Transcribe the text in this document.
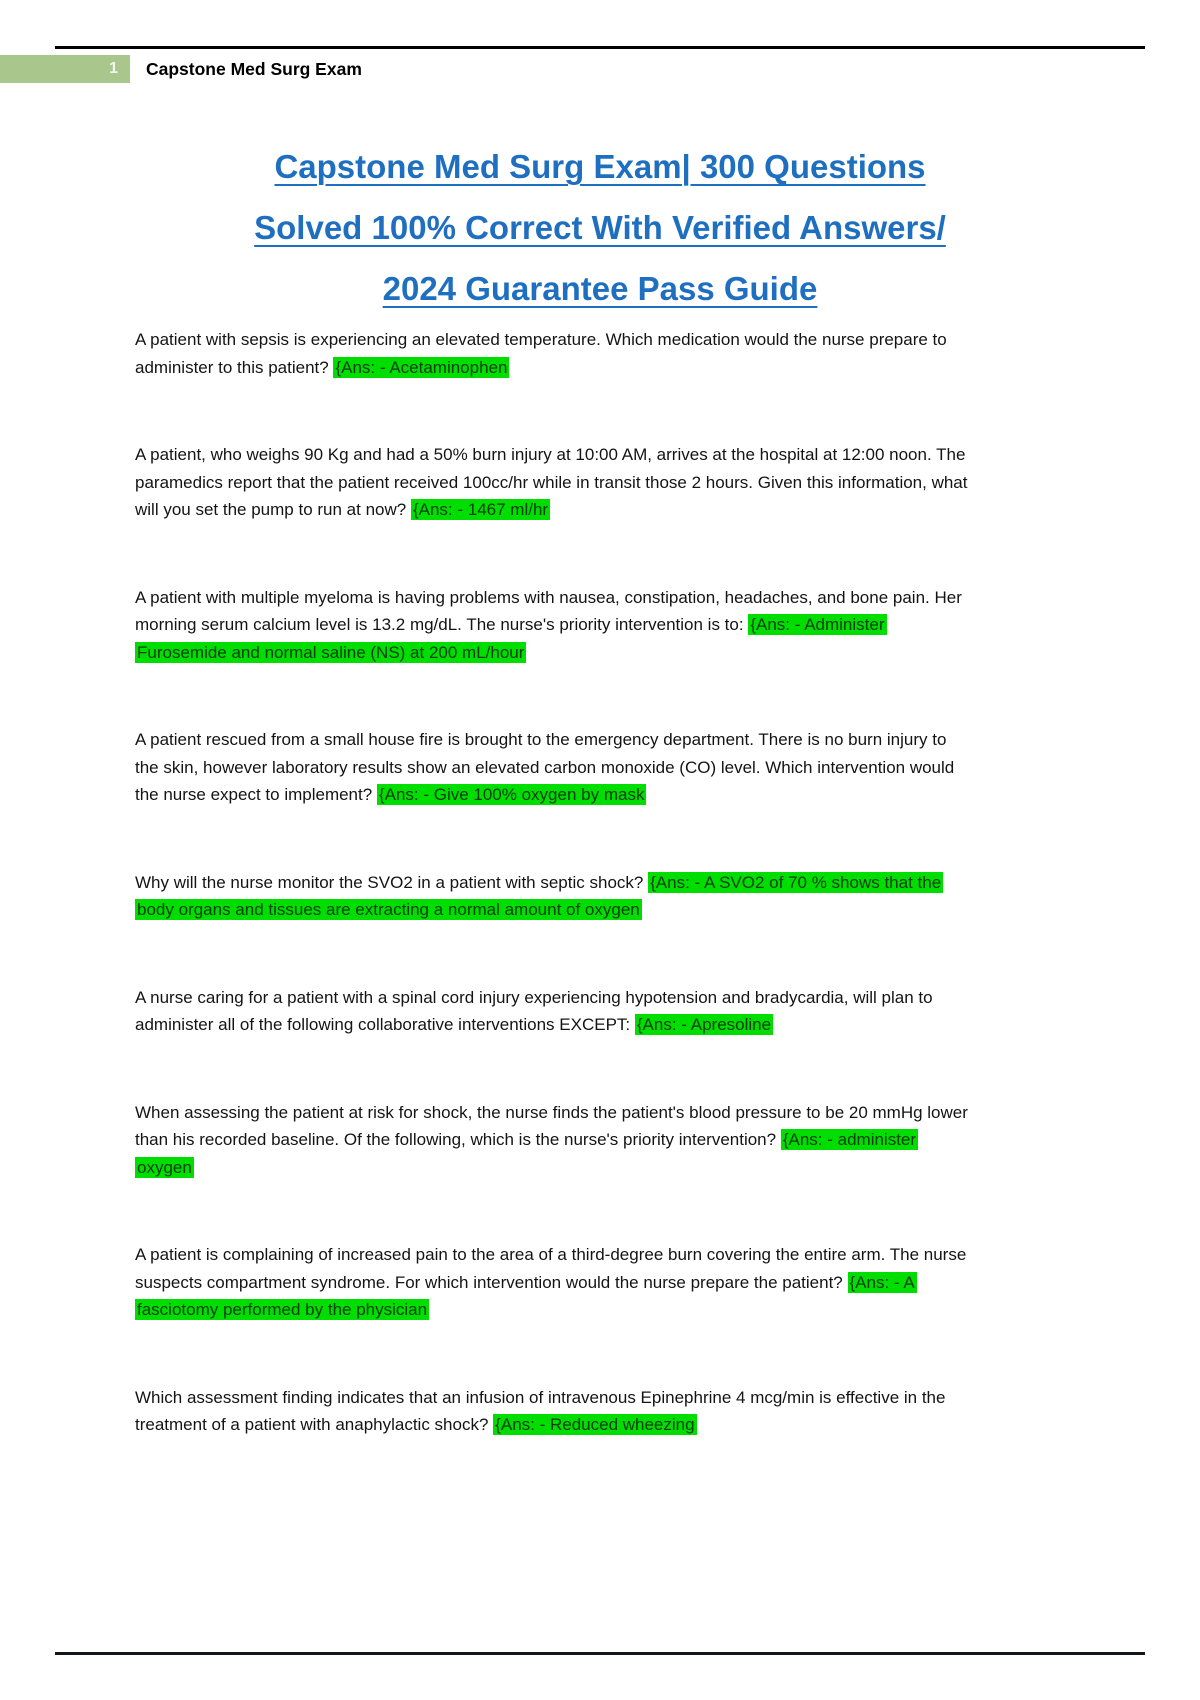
1 Capstone Med Surg Exam
Capstone Med Surg Exam| 300 Questions
Solved 100% Correct With Verified Answers/
2024 Guarantee Pass Guide

A patient with sepsis is experiencing an elevated temperature. Which medication would the nurse prepare to administer to this patient? {Ans: - Acetaminophen

A patient, who weighs 90 Kg and had a 50% burn injury at 10:00 AM, arrives at the hospital at 12:00 noon. The paramedics report that the patient received 100cc/hr while in transit those 2 hours. Given this information, what will you set the pump to run at now? {Ans: - 1467 ml/hr

A patient with multiple myeloma is having problems with nausea, constipation, headaches, and bone pain. Her morning serum calcium level is 13.2 mg/dL. The nurse's priority intervention is to: {Ans: - Administer Furosemide and normal saline (NS) at 200 mL/hour

A patient rescued from a small house fire is brought to the emergency department. There is no burn injury to the skin, however laboratory results show an elevated carbon monoxide (CO) level. Which intervention would the nurse expect to implement? {Ans: - Give 100% oxygen by mask

Why will the nurse monitor the SVO2 in a patient with septic shock? {Ans: - A SVO2 of 70 % shows that the body organs and tissues are extracting a normal amount of oxygen

A nurse caring for a patient with a spinal cord injury experiencing hypotension and bradycardia, will plan to administer all of the following collaborative interventions EXCEPT: {Ans: - Apresoline

When assessing the patient at risk for shock, the nurse finds the patient's blood pressure to be 20 mmHg lower than his recorded baseline. Of the following, which is the nurse's priority intervention? {Ans: - administer oxygen

A patient is complaining of increased pain to the area of a third-degree burn covering the entire arm. The nurse suspects compartment syndrome. For which intervention would the nurse prepare the patient? {Ans: - A fasciotomy performed by the physician

Which assessment finding indicates that an infusion of intravenous Epinephrine 4 mcg/min is effective in the treatment of a patient with anaphylactic shock? {Ans: - Reduced wheezing
